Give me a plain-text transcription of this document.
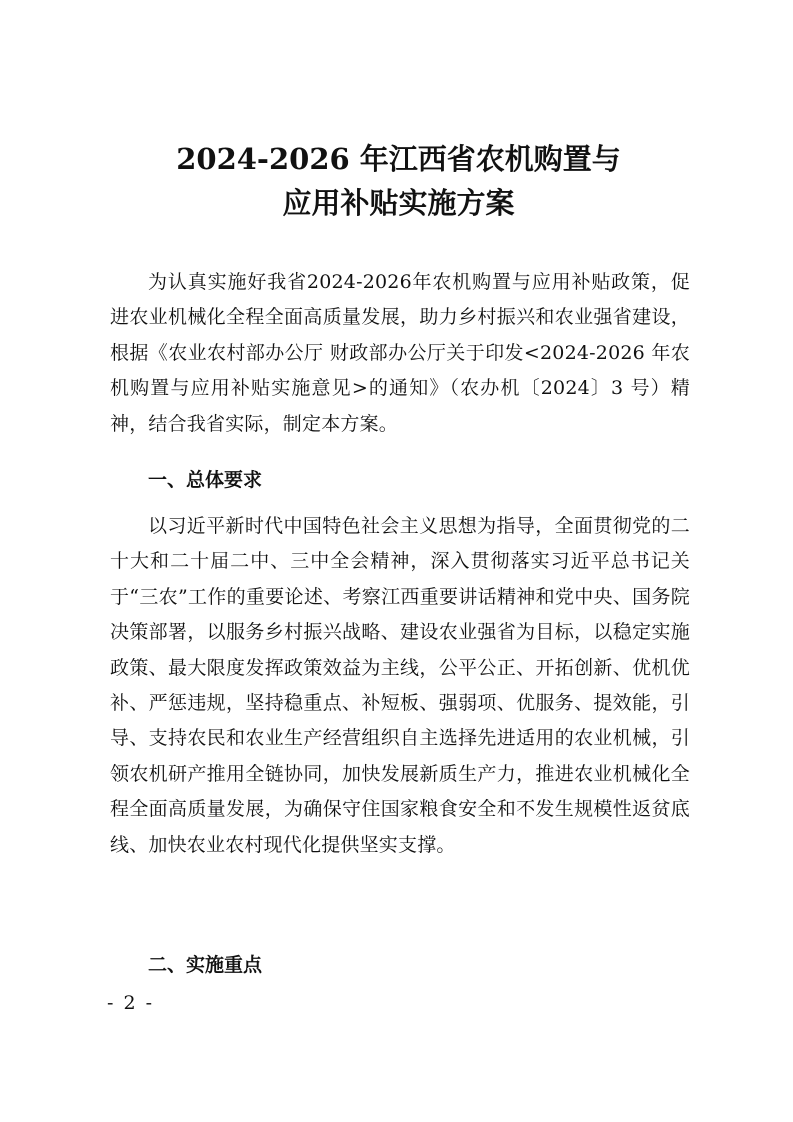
2024-2026 年江西省农机购置与
应用补贴实施方案

为认真实施好我省2024-2026年农机购置与应用补贴政策，促进农业机械化全程全面高质量发展，助力乡村振兴和农业强省建设，根据《农业农村部办公厅 财政部办公厅关于印发<2024-2026 年农机购置与应用补贴实施意见>的通知》（农办机〔2024〕3 号）精神，结合我省实际，制定本方案。

一、总体要求

以习近平新时代中国特色社会主义思想为指导，全面贯彻党的二十大和二十届二中、三中全会精神，深入贯彻落实习近平总书记关于“三农”工作的重要论述、考察江西重要讲话精神和党中央、国务院决策部署，以服务乡村振兴战略、建设农业强省为目标，以稳定实施政策、最大限度发挥政策效益为主线，公平公正、开拓创新、优机优补、严惩违规，坚持稳重点、补短板、强弱项、优服务、提效能，引导、支持农民和农业生产经营组织自主选择先进适用的农业机械，引领农机研产推用全链协同，加快发展新质生产力，推进农业机械化全程全面高质量发展，为确保守住国家粮食安全和不发生规模性返贫底线、加快农业农村现代化提供坚实支撑。

二、实施重点
- 2 -
